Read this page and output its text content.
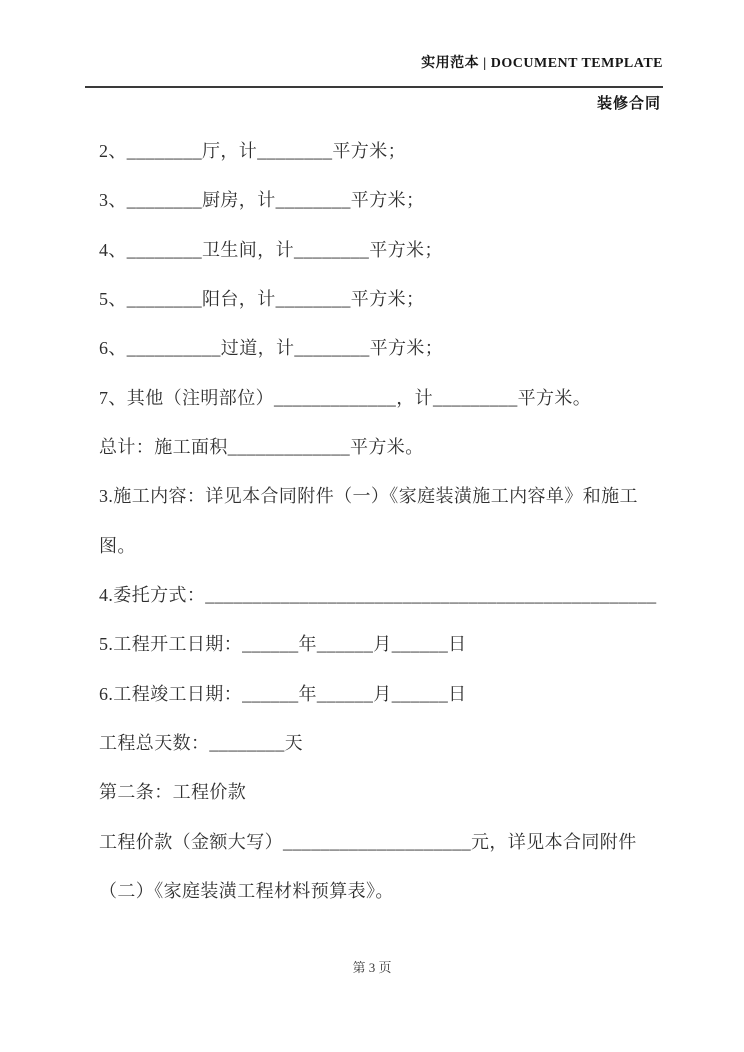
实用范本 | DOCUMENT TEMPLATE
装修合同
2、________厅，计________平方米；
3、________厨房，计________平方米；
4、________卫生间，计________平方米；
5、________阳台，计________平方米；
6、__________过道，计________平方米；
7、其他（注明部位）_____________，计_________平方米。
总计：施工面积_____________平方米。
3.施工内容：详见本合同附件（一）《家庭装潢施工内容单》和施工
图。
4.委托方式：________________________________________________
5.工程开工日期：______年______月______日
6.工程竣工日期：______年______月______日
工程总天数：________天
第二条：工程价款
工程价款（金额大写）____________________元，详见本合同附件
（二）《家庭装潢工程材料预算表》。
第 3 页
